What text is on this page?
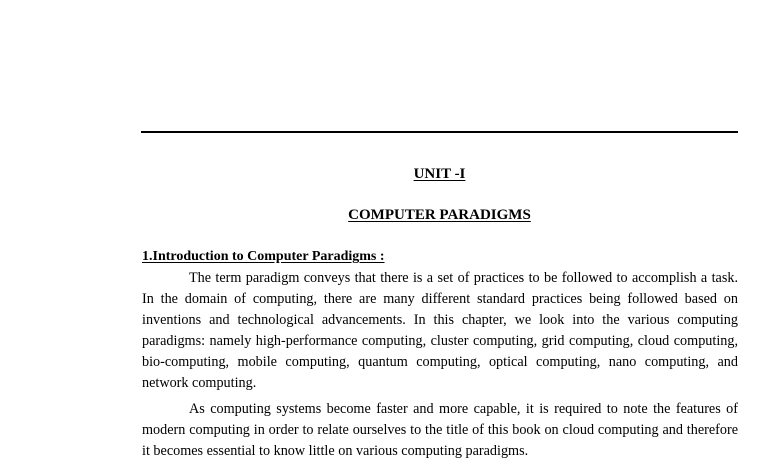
UNIT -I
COMPUTER PARADIGMS
1.Introduction to Computer Paradigms :

The term paradigm conveys that there is a set of practices to be followed to accomplish a task. In the domain of computing, there are many different standard practices being followed based on inventions and technological advancements. In this chapter, we look into the various computing paradigms: namely high-performance computing, cluster computing, grid computing, cloud computing, bio-computing, mobile computing, quantum computing, optical computing, nano computing, and network computing.

As computing systems become faster and more capable, it is required to note the features of modern computing in order to relate ourselves to the title of this book on cloud computing and therefore it becomes essential to know little on various computing paradigms.
